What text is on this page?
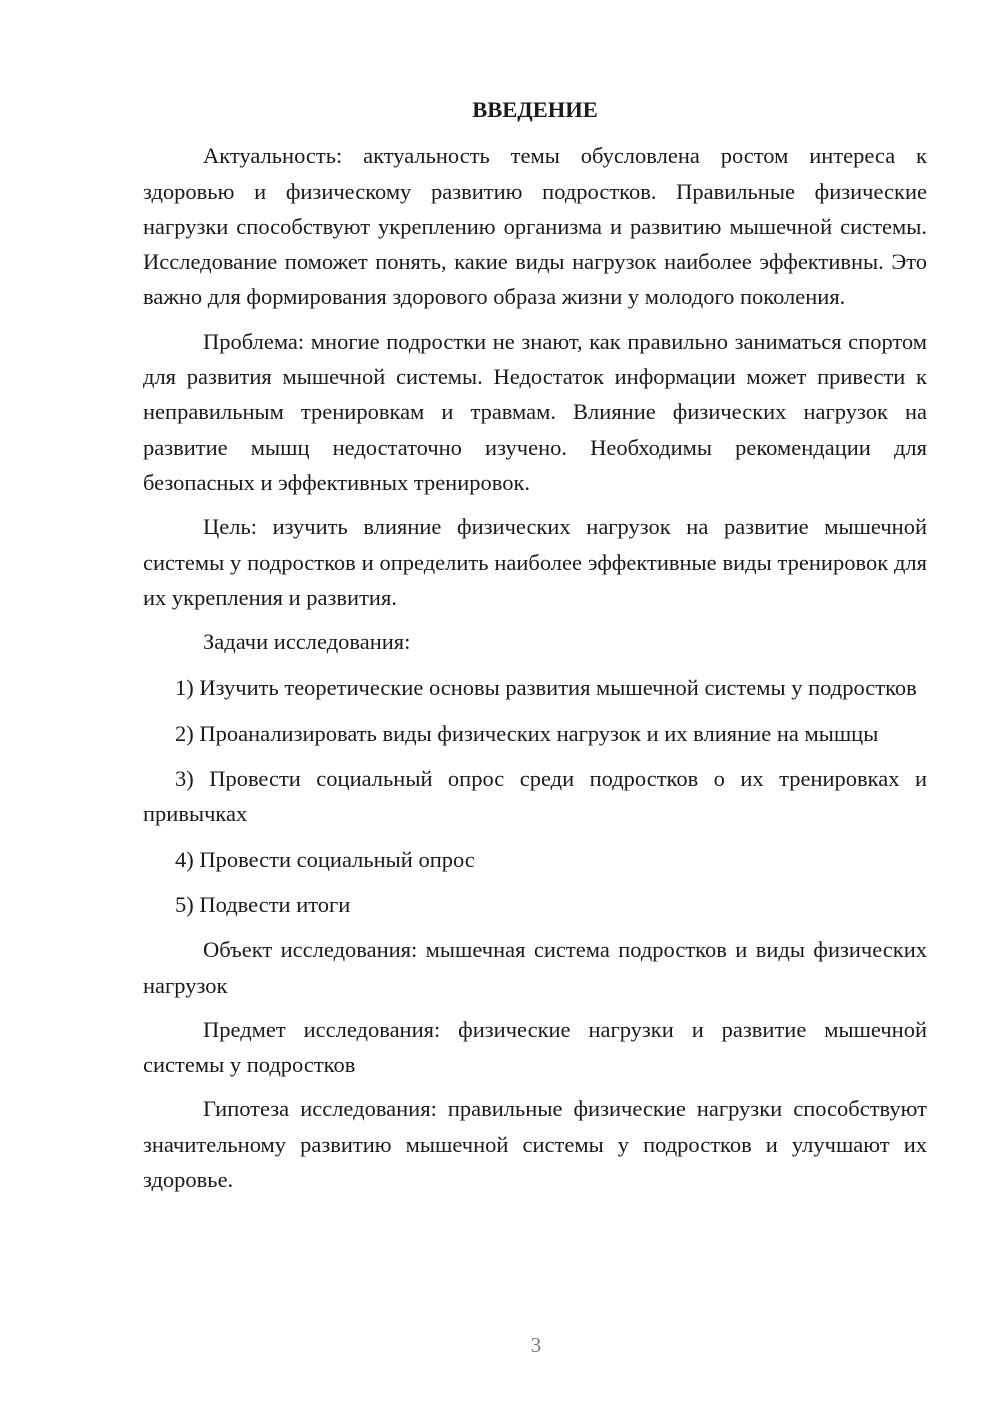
ВВЕДЕНИЕ

Актуальность: актуальность темы обусловлена ростом интереса к здоровью и физическому развитию подростков. Правильные физические нагрузки способствуют укреплению организма и развитию мышечной системы. Исследование поможет понять, какие виды нагрузок наиболее эффективны. Это важно для формирования здорового образа жизни у молодого поколения.

Проблема: многие подростки не знают, как правильно заниматься спортом для развития мышечной системы. Недостаток информации может привести к неправильным тренировкам и травмам. Влияние физических нагрузок на развитие мышц недостаточно изучено. Необходимы рекомендации для безопасных и эффективных тренировок.

Цель: изучить влияние физических нагрузок на развитие мышечной системы у подростков и определить наиболее эффективные виды тренировок для их укрепления и развития.

Задачи исследования:

1) Изучить теоретические основы развития мышечной системы у подростков

2) Проанализировать виды физических нагрузок и их влияние на мышцы

3) Провести социальный опрос среди подростков о их тренировках и привычках

4) Провести социальный опрос

5) Подвести итоги

Объект исследования: мышечная система подростков и виды физических нагрузок

Предмет исследования: физические нагрузки и развитие мышечной системы у подростков

Гипотеза исследования: правильные физические нагрузки способствуют значительному развитию мышечной системы у подростков и улучшают их здоровье.

3
